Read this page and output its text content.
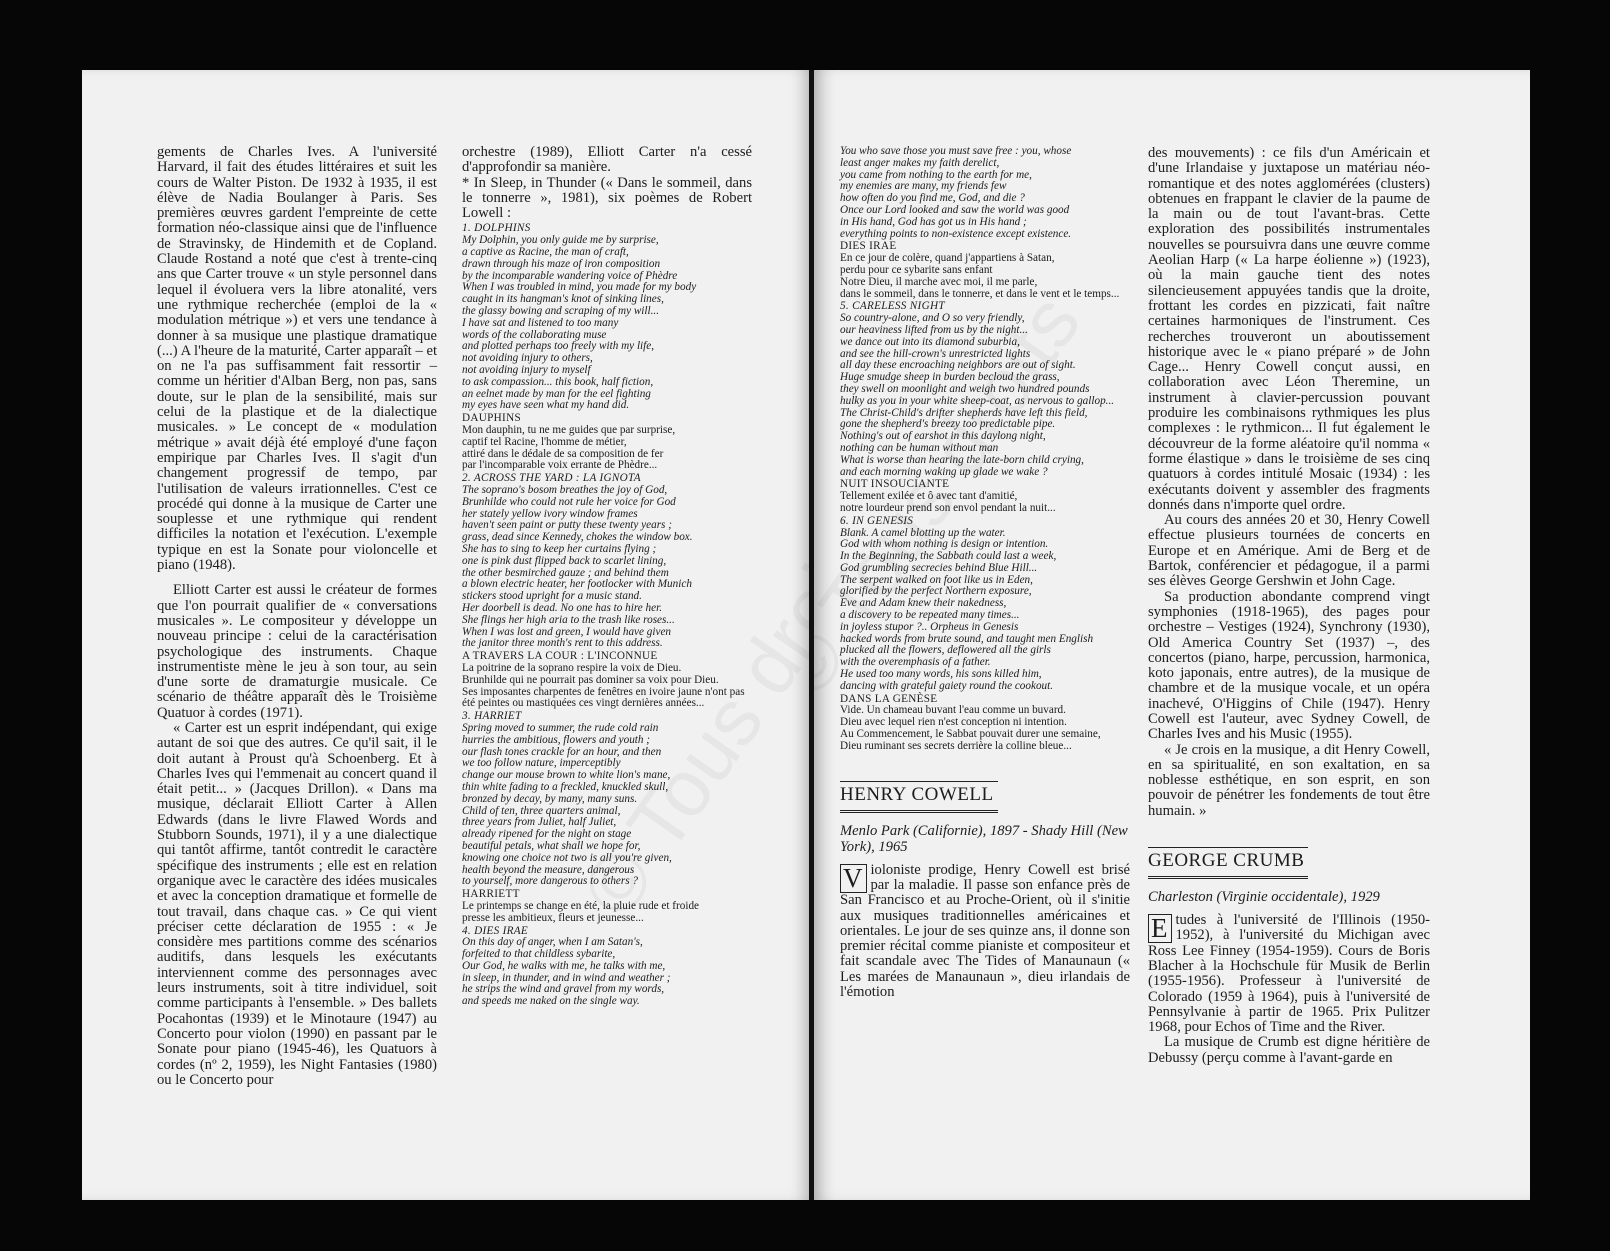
gements de Charles Ives. A l'université Harvard, il fait des études littéraires et suit les cours de Walter Piston. De 1932 à 1935, il est élève de Nadia Boulanger à Paris. Ses premières œuvres gardent l'empreinte de cette formation néo-classique ainsi que de l'influence de Stravinsky, de Hindemith et de Copland. Claude Rostand a noté que c'est à trente-cinq ans que Carter trouve « un style personnel dans lequel il évoluera vers la libre atonalité, vers une rythmique recherchée (emploi de la « modulation métrique ») et vers une tendance à donner à sa musique une plastique dramatique (...) A l'heure de la maturité, Carter apparaît – et on ne l'a pas suffisamment fait ressortir – comme un héritier d'Alban Berg, non pas, sans doute, sur le plan de la sensibilité, mais sur celui de la plastique et de la dialectique musicales. » Le concept de « modulation métrique » avait déjà été employé d'une façon empirique par Charles Ives. Il s'agit d'un changement progressif de tempo, par l'utilisation de valeurs irrationnelles. C'est ce procédé qui donne à la musique de Carter une souplesse et une rythmique qui rendent difficiles la notation et l'exécution. L'exemple typique en est la Sonate pour violoncelle et piano (1948).

Elliott Carter est aussi le créateur de formes que l'on pourrait qualifier de « conversations musicales ». Le compositeur y développe un nouveau principe : celui de la caractérisation psychologique des instruments. Chaque instrumentiste mène le jeu à son tour, au sein d'une sorte de dramaturgie musicale. Ce scénario de théâtre apparaît dès le Troisième Quatuor à cordes (1971).

« Carter est un esprit indépendant, qui exige autant de soi que des autres. Ce qu'il sait, il le doit autant à Proust qu'à Schoenberg. Et à Charles Ives qui l'emmenait au concert quand il était petit... » (Jacques Drillon). « Dans ma musique, déclarait Elliott Carter à Allen Edwards (dans le livre Flawed Words and Stubborn Sounds, 1971), il y a une dialectique qui tantôt affirme, tantôt contredit le caractère spécifique des instruments ; elle est en relation organique avec le caractère des idées musicales et avec la conception dramatique et formelle de tout travail, dans chaque cas. » Ce qui vient préciser cette déclaration de 1955 : « Je considère mes partitions comme des scénarios auditifs, dans lesquels les exécutants interviennent comme des personnages avec leurs instruments, soit à titre individuel, soit comme participants à l'ensemble. » Des ballets Pocahontas (1939) et le Minotaure (1947) au Concerto pour violon (1990) en passant par le Sonate pour piano (1945-46), les Quatuors à cordes (nº 2, 1959), les Night Fantasies (1980) ou le Concerto pour

orchestre (1989), Elliott Carter n'a cessé d'approfondir sa manière.

* In Sleep, in Thunder (« Dans le sommeil, dans le tonnerre », 1981), six poèmes de Robert Lowell :

1. DOLPHINS

My Dolphin, you only guide me by surprise,

a captive as Racine, the man of craft,

drawn through his maze of iron composition

by the incomparable wandering voice of Phèdre

When I was troubled in mind, you made for my body

caught in its hangman's knot of sinking lines,

the glassy bowing and scraping of my will...

I have sat and listened to too many

words of the collaborating muse

and plotted perhaps too freely with my life,

not avoiding injury to others,

not avoiding injury to myself

to ask compassion... this book, half fiction,

an eelnet made by man for the eel fighting

my eyes have seen what my hand did.

DAUPHINS

Mon dauphin, tu ne me guides que par surprise,

captif tel Racine, l'homme de métier,

attiré dans le dédale de sa composition de fer

par l'incomparable voix errante de Phèdre...

2. ACROSS THE YARD : LA IGNOTA

The soprano's bosom breathes the joy of God,

Brunhilde who could not rule her voice for God

her stately yellow ivory window frames

haven't seen paint or putty these twenty years ;

grass, dead since Kennedy, chokes the window box.

She has to sing to keep her curtains flying ;

one is pink dust flipped back to scarlet lining,

the other besmirched gauze ; and behind them

a blown electric heater, her footlocker with Munich

stickers stood upright for a music stand.

Her doorbell is dead. No one has to hire her.

She flings her high aria to the trash like roses...

When I was lost and green, I would have given

the janitor three month's rent to this address.

A TRAVERS LA COUR : L'INCONNUE

La poitrine de la soprano respire la voix de Dieu.

Brunhilde qui ne pourrait pas dominer sa voix pour Dieu.

Ses imposantes charpentes de fenêtres en ivoire jaune n'ont pas été peintes ou mastiquées ces vingt dernières années...

3. HARRIET

Spring moved to summer, the rude cold rain

hurries the ambitious, flowers and youth ;

our flash tones crackle for an hour, and then

we too follow nature, imperceptibly

change our mouse brown to white lion's mane,

thin white fading to a freckled, knuckled skull,

bronzed by decay, by many, many suns.

Child of ten, three quarters animal,

three years from Juliet, half Juliet,

already ripened for the night on stage

beautiful petals, what shall we hope for,

knowing one choice not two is all you're given,

health beyond the measure, dangerous

to yourself, more dangerous to others ?

HARRIETT

Le printemps se change en été, la pluie rude et froide

presse les ambitieux, fleurs et jeunesse...

4. DIES IRAE

On this day of anger, when I am Satan's,

forfeited to that childless sybarite,

Our God, he walks with me, he talks with me,

in sleep, in thunder, and in wind and weather ;

he strips the wind and gravel from my words,

and speeds me naked on the single way.

You who save those you must save free : you, whose

least anger makes my faith derelict,

you came from nothing to the earth for me,

my enemies are many, my friends few

how often do you find me, God, and die ?

Once our Lord looked and saw the world was good

in His hand, God has got us in His hand ;

everything points to non-existence except existence.

DIES IRAE

En ce jour de colère, quand j'appartiens à Satan,

perdu pour ce sybarite sans enfant

Notre Dieu, il marche avec moi, il me parle,

dans le sommeil, dans le tonnerre, et dans le vent et le temps...

5. CARELESS NIGHT

So country-alone, and O so very friendly,

our heaviness lifted from us by the night...

we dance out into its diamond suburbia,

and see the hill-crown's unrestricted lights

all day these encroaching neighbors are out of sight.

Huge smudge sheep in burden becloud the grass,

they swell on moonlight and weigh two hundred pounds

hulky as you in your white sheep-coat, as nervous to gallop...

The Christ-Child's drifter shepherds have left this field,

gone the shepherd's breezy too predictable pipe.

Nothing's out of earshot in this daylong night,

nothing can be human without man

What is worse than hearing the late-born child crying,

and each morning waking up glade we wake ?

NUIT INSOUCIANTE

Tellement exilée et ô avec tant d'amitié,

notre lourdeur prend son envol pendant la nuit...

6. IN GENESIS

Blank. A camel blotting up the water.

God with whom nothing is design or intention.

In the Beginning, the Sabbath could last a week,

God grumbling secrecies behind Blue Hill...

The serpent walked on foot like us in Eden,

glorified by the perfect Northern exposure,

Eve and Adam knew their nakedness,

a discovery to be repeated many times...

in joyless stupor ?.. Orpheus in Genesis

hacked words from brute sound, and taught men English

plucked all the flowers, deflowered all the girls

with the overemphasis of a father.

He used too many words, his sons killed him,

dancing with grateful gaiety round the cookout.

DANS LA GENÈSE

Vide. Un chameau buvant l'eau comme un buvard.

Dieu avec lequel rien n'est conception ni intention.

Au Commencement, le Sabbat pouvait durer une semaine,

Dieu ruminant ses secrets derrière la colline bleue...

HENRY COWELL
Menlo Park (Californie), 1897 - Shady Hill (New York), 1965

V ioloniste prodige, Henry Cowell est brisé par la maladie. Il passe son enfance près de San Francisco et au Proche-Orient, où il s'initie aux musiques traditionnelles américaines et orientales. Le jour de ses quinze ans, il donne son premier récital comme pianiste et compositeur et fait scandale avec The Tides of Manaunaun (« Les marées de Manaunaun », dieu irlandais de l'émotion

des mouvements) : ce fils d'un Américain et d'une Irlandaise y juxtapose un matériau néo-romantique et des notes agglomérées (clusters) obtenues en frappant le clavier de la paume de la main ou de tout l'avant-bras. Cette exploration des possibilités instrumentales nouvelles se poursuivra dans une œuvre comme Aeolian Harp (« La harpe éolienne ») (1923), où la main gauche tient des notes silencieusement appuyées tandis que la droite, frottant les cordes en pizzicati, fait naître certaines harmoniques de l'instrument. Ces recherches trouveront un aboutissement historique avec le « piano préparé » de John Cage... Henry Cowell conçut aussi, en collaboration avec Léon Theremine, un instrument à clavier-percussion pouvant produire les combinaisons rythmiques les plus complexes : le rythmicon... Il fut également le découvreur de la forme aléatoire qu'il nomma « forme élastique » dans le troisième de ses cinq quatuors à cordes intitulé Mosaic (1934) : les exécutants doivent y assembler des fragments donnés dans n'importe quel ordre.

Au cours des années 20 et 30, Henry Cowell effectue plusieurs tournées de concerts en Europe et en Amérique. Ami de Berg et de Bartok, conférencier et pédagogue, il a parmi ses élèves George Gershwin et John Cage.

Sa production abondante comprend vingt symphonies (1918-1965), des pages pour orchestre – Vestiges (1924), Synchrony (1930), Old America Country Set (1937) –, des concertos (piano, harpe, percussion, harmonica, koto japonais, entre autres), de la musique de chambre et de la musique vocale, et un opéra inachevé, O'Higgins of Chile (1947). Henry Cowell est l'auteur, avec Sydney Cowell, de Charles Ives and his Music (1955).

« Je crois en la musique, a dit Henry Cowell, en sa spiritualité, en son exaltation, en sa noblesse esthétique, en son esprit, en son pouvoir de pénétrer les fondements de tout être humain. »

GEORGE CRUMB
Charleston (Virginie occidentale), 1929

E tudes à l'université de l'Illinois (1950-1952), à l'université du Michigan avec Ross Lee Finney (1954-1959). Cours de Boris Blacher à la Hochschule für Musik de Berlin (1955-1956). Professeur à l'université de Colorado (1959 à 1964), puis à l'université de Pennsylvanie à partir de 1965. Prix Pulitzer 1968, pour Echos of Time and the River.

La musique de Crumb est digne héritière de Debussy (perçu comme à l'avant-garde en
